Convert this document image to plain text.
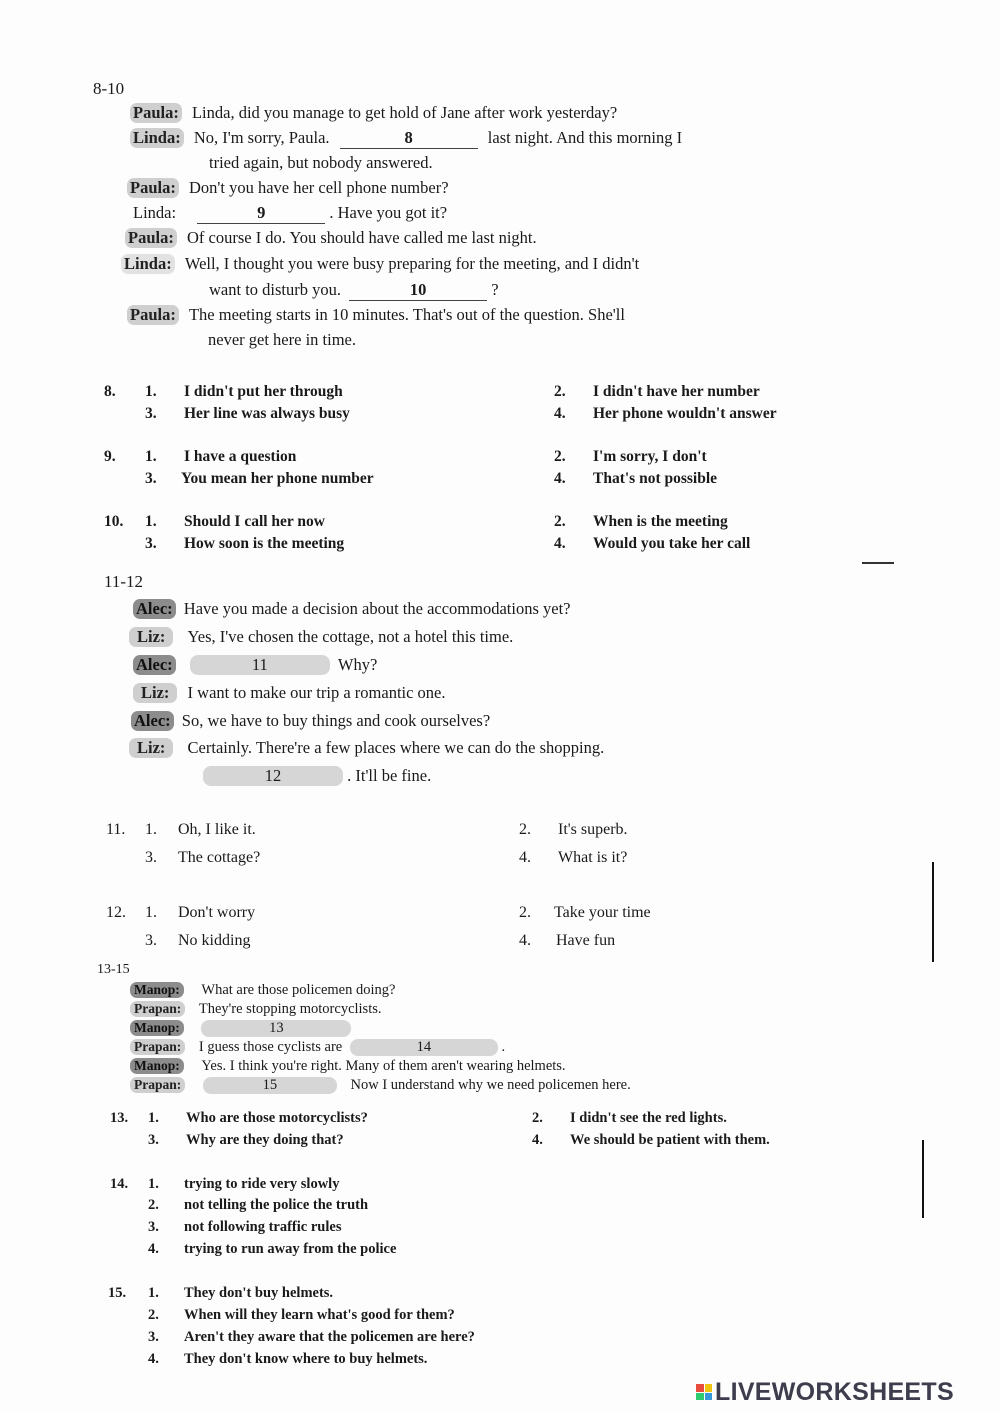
8-10
Paula: Linda, did you manage to get hold of Jane after work yesterday?
Linda: No, I'm sorry, Paula.	8	last night. And this morning I
tried again, but nobody answered.
Paula: Don't you have her cell phone number?
Linda:	9	. Have you got it?
Paula: Of course I do. You should have called me last night.
Linda: Well, I thought you were busy preparing for the meeting, and I didn't
want to disturb you.	10	?
Paula: The meeting starts in 10 minutes. That's out of the question. She'll
never get here in time.
8. 1. I didn't put her through	2. I didn't have her number
3. Her line was always busy	4. Her phone wouldn't answer
9. 1. I have a question	2. I'm sorry, I don't
3. You mean her phone number	4. That's not possible
10. 1. Should I call her now	2. When is the meeting
3. How soon is the meeting	4. Would you take her call
11-12
Alec: Have you made a decision about the accommodations yet?
Liz: Yes, I've chosen the cottage, not a hotel this time.
Alec:	11	Why?
Liz: I want to make our trip a romantic one.
Alec: So, we have to buy things and cook ourselves?
Liz: Certainly. There're a few places where we can do the shopping.
12	. It'll be fine.
11. 1. Oh, I like it.	2. It's superb.
3. The cottage?	4. What is it?
12. 1. Don't worry	2. Take your time
3. No kidding	4. Have fun
13-15
Manop: What are those policemen doing?
Prapan: They're stopping motorcyclists.
Manop:	13
Prapan: I guess those cyclists are	14	.
Manop: Yes. I think you're right. Many of them aren't wearing helmets.
Prapan:	15	Now I understand why we need policemen here.
13. 1. Who are those motorcyclists?	2. I didn't see the red lights.
3. Why are they doing that?	4. We should be patient with them.
14. 1. trying to ride very slowly
2. not telling the police the truth
3. not following traffic rules
4. trying to run away from the police
15. 1. They don't buy helmets.
2. When will they learn what's good for them?
3. Aren't they aware that the policemen are here?
4. They don't know where to buy helmets.
LIVEWORKSHEETS
